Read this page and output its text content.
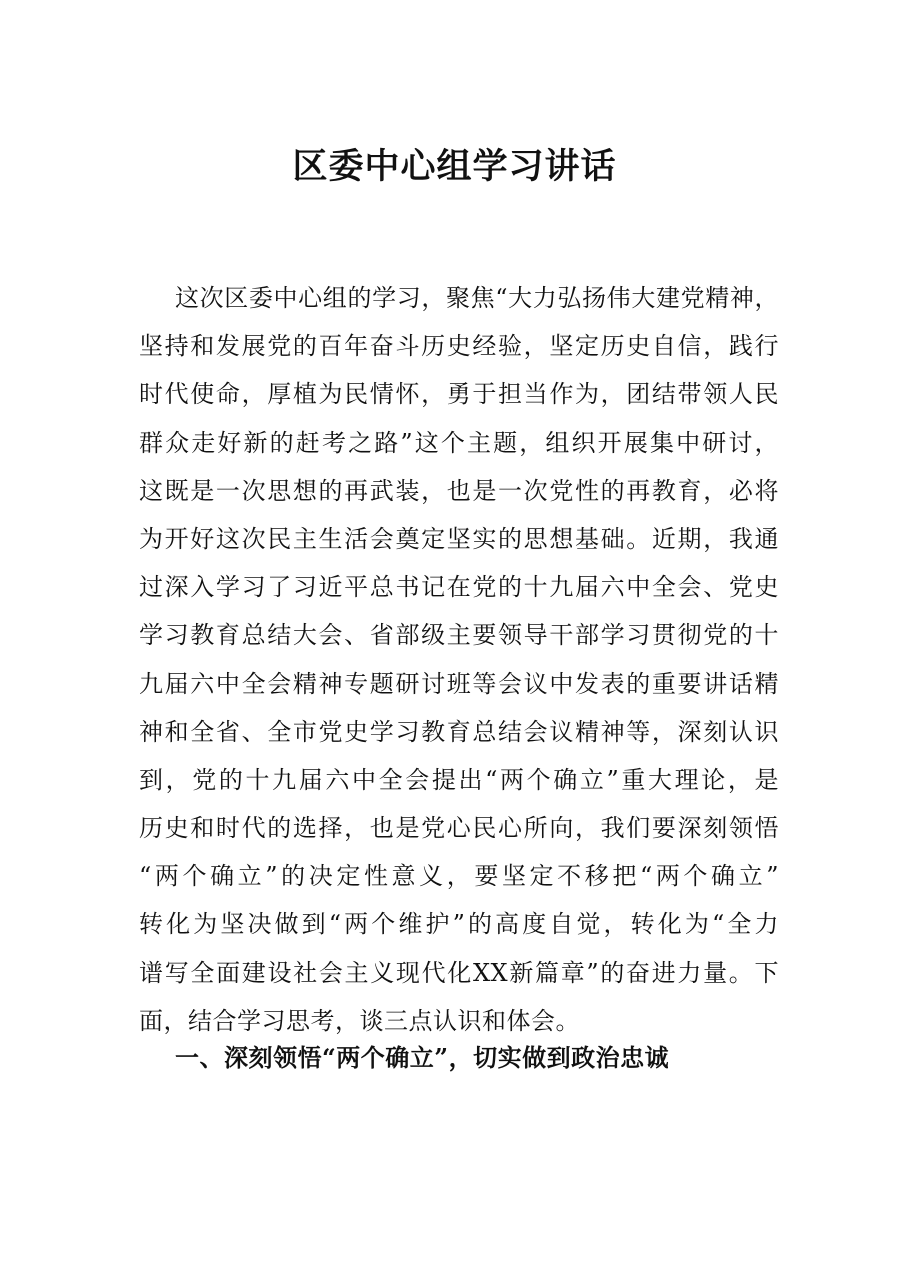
区委中心组学习讲话
这次区委中心组的学习，聚焦“大力弘扬伟大建党精神，
坚持和发展党的百年奋斗历史经验，坚定历史自信，践行
时代使命，厚植为民情怀，勇于担当作为，团结带领人民
群众走好新的赶考之路”这个主题，组织开展集中研讨，
这既是一次思想的再武装，也是一次党性的再教育，必将
为开好这次民主生活会奠定坚实的思想基础。近期，我通
过深入学习了习近平总书记在党的十九届六中全会、党史
学习教育总结大会、省部级主要领导干部学习贯彻党的十
九届六中全会精神专题研讨班等会议中发表的重要讲话精
神和全省、全市党史学习教育总结会议精神等，深刻认识
到，党的十九届六中全会提出“两个确立”重大理论，是
历史和时代的选择，也是党心民心所向，我们要深刻领悟
“两个确立”的决定性意义，要坚定不移把“两个确立”
转化为坚决做到“两个维护”的高度自觉，转化为“全力
谱写全面建设社会主义现代化XX新篇章”的奋进力量。下
面，结合学习思考，谈三点认识和体会。
一、深刻领悟“两个确立”，切实做到政治忠诚
